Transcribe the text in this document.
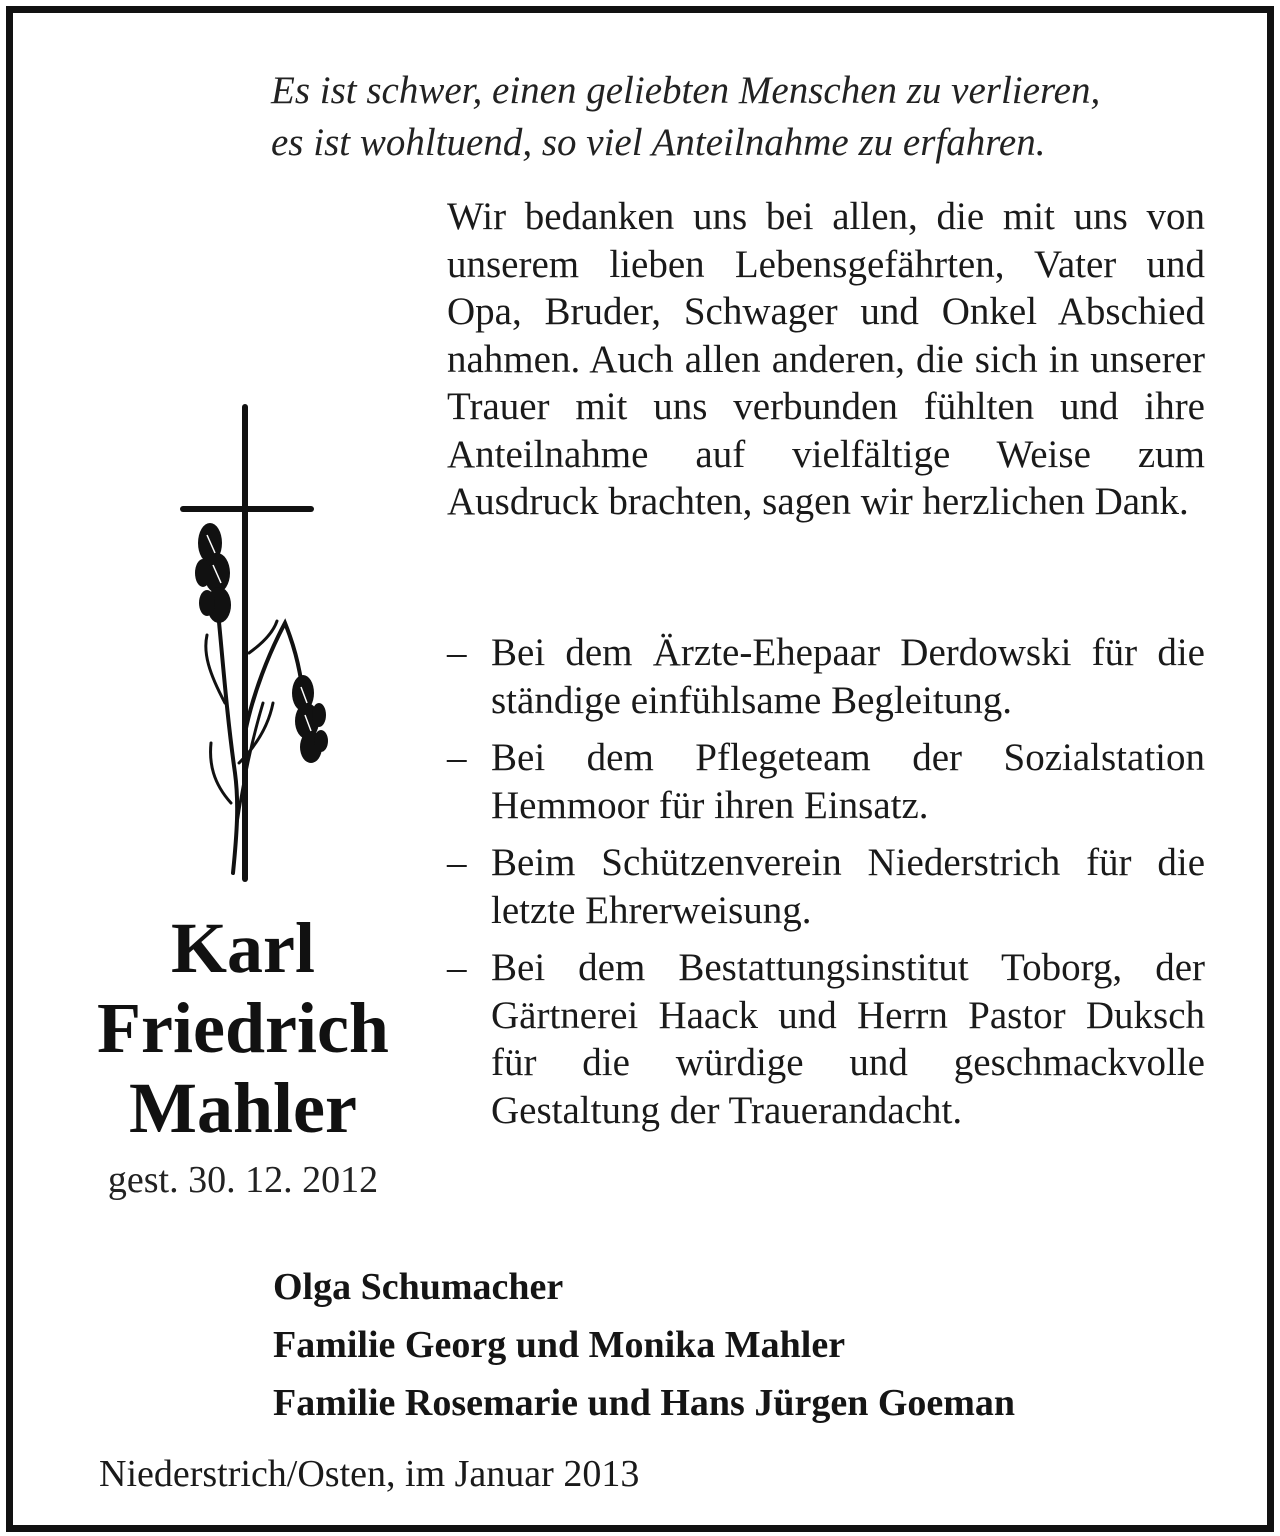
Es ist schwer, einen geliebten Menschen zu verlieren,
es ist wohltuend, so viel Anteilnahme zu erfahren.
Karl
Friedrich
Mahler
gest. 30. 12. 2012
Wir bedanken uns bei allen, die mit uns von unserem lieben Lebensgefährten, Vater und Opa, Bruder, Schwager und Onkel Abschied nahmen. Auch allen anderen, die sich in unserer Trauer mit uns verbunden fühlten und ihre Anteilnahme auf vielfältige Weise zum Ausdruck brachten, sagen wir herzlichen Dank.
– Bei dem Ärzte-Ehepaar Derdowski für die ständige einfühlsame Begleitung.
– Bei dem Pflegeteam der Sozialstation Hemmoor für ihren Einsatz.
– Beim Schützenverein Niederstrich für die letzte Ehrerweisung.
– Bei dem Bestattungsinstitut Toborg, der Gärtnerei Haack und Herrn Pastor Duksch für die würdige und geschmackvolle Gestaltung der Trauerandacht.
Olga Schumacher
Familie Georg und Monika Mahler
Familie Rosemarie und Hans Jürgen Goeman
Niederstrich/Osten, im Januar 2013
